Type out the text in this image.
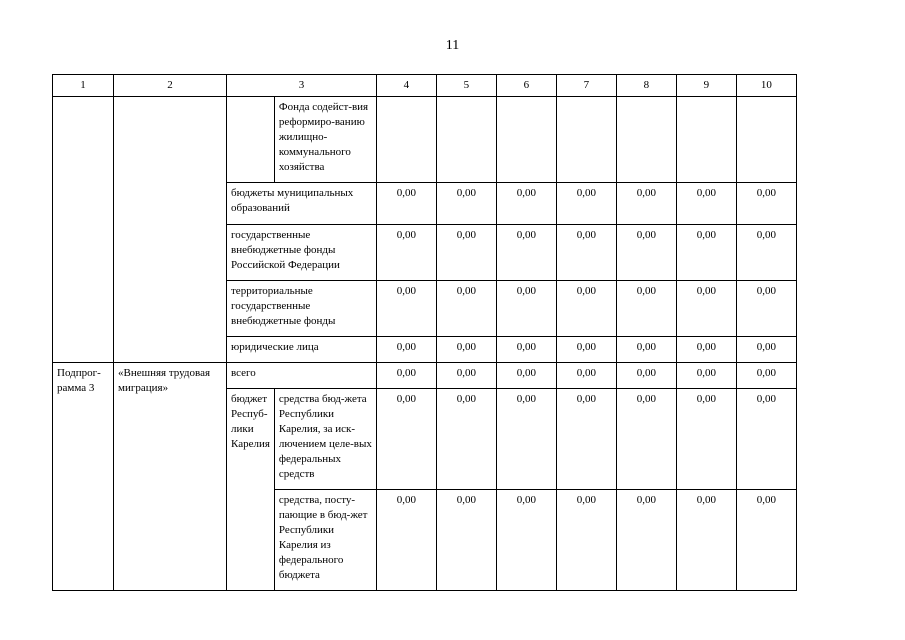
11
1	2	3		4	5	6	7	8	9	10
			Фонда содейст-вия реформиро-ванию жилищно-коммунального хозяйства							
		бюджеты муниципальных образований		0,00	0,00	0,00	0,00	0,00	0,00	0,00
		государственные внебюджетные фонды Российской Федерации		0,00	0,00	0,00	0,00	0,00	0,00	0,00
		территориальные государственные внебюджетные фонды		0,00	0,00	0,00	0,00	0,00	0,00	0,00
		юридические лица		0,00	0,00	0,00	0,00	0,00	0,00	0,00
Подпрог-рамма 3	«Внешняя трудовая миграция»	всего		0,00	0,00	0,00	0,00	0,00	0,00	0,00
		бюджет Респуб-лики Карелия	средства бюд-жета Республики Карелия, за иск-лючением целе-вых федеральных средств	0,00	0,00	0,00	0,00	0,00	0,00	0,00
			средства, посту-пающие в бюд-жет Республики Карелия из федерального бюджета	0,00	0,00	0,00	0,00	0,00	0,00	0,00
